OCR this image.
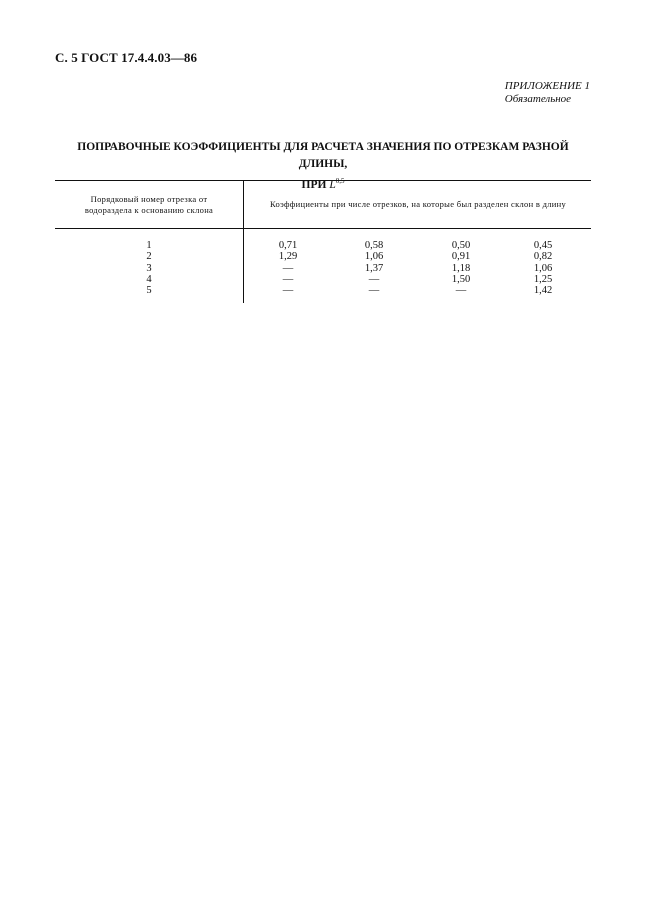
С. 5 ГОСТ 17.4.4.03—86
ПРИЛОЖЕНИЕ 1

Обязательное
ПОПРАВОЧНЫЕ КОЭФФИЦИЕНТЫ ДЛЯ РАСЧЕТА ЗНАЧЕНИЯ ПО ОТРЕЗКАМ РАЗНОЙ ДЛИНЫ,
ПРИ L$^{0,5}$
Порядковый номер отрезка от
водораздела к основанию склона
Коэффициенты при числе отрезков, на которые был разделен склон в длину
1	0,71	0,58	0,50	0,45
2	1,29	1,06	0,91	0,82
3	—	1,37	1,18	1,06
4	—	—	1,50	1,25
5	—	—	—	1,42
